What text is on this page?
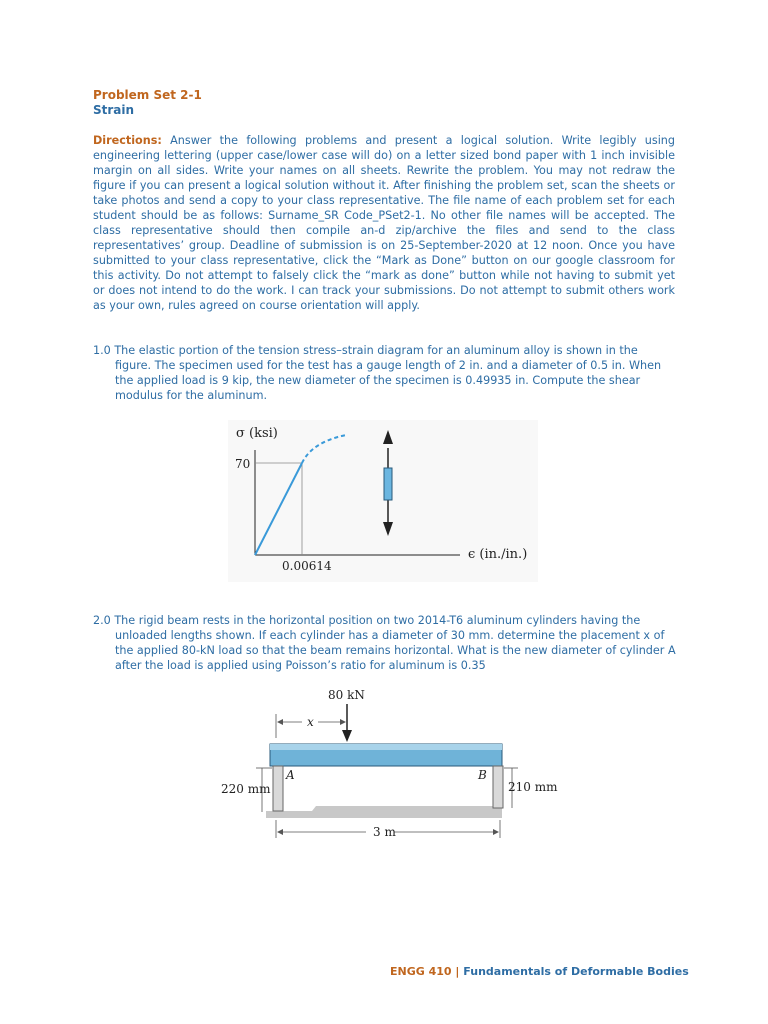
Problem Set 2-1
Strain

Directions: Answer the following problems and present a logical solution. Write legibly using engineering lettering (upper case/lower case will do) on a letter sized bond paper with 1 inch invisible margin on all sides. Write your names on all sheets. Rewrite the problem. You may not redraw the figure if you can present a logical solution without it. After finishing the problem set, scan the sheets or take photos and send a copy to your class representative. The file name of each problem set for each student should be as follows: Surname_SR Code_PSet2-1. No other file names will be accepted. The class representative should then compile an-d zip/archive the files and send to the class representatives’ group. Deadline of submission is on 25-September-2020 at 12 noon. Once you have submitted to your class representative, click the “Mark as Done” button on our google classroom for this activity. Do not attempt to falsely click the “mark as done” button while not having to submit yet or does not intend to do the work. I can track your submissions. Do not attempt to submit others work as your own, rules agreed on course orientation will apply.

1.0 The elastic portion of the tension stress–strain diagram for an aluminum alloy is shown in the figure. The specimen used for the test has a gauge length of 2 in. and a diameter of 0.5 in. When the applied load is 9 kip, the new diameter of the specimen is 0.49935 in. Compute the shear modulus for the aluminum.

σ (ksi)
70
0.00614
ϵ (in./in.)

2.0 The rigid beam rests in the horizontal position on two 2014-T6 aluminum cylinders having the unloaded lengths shown. If each cylinder has a diameter of 30 mm. determine the placement x of the applied 80-kN load so that the beam remains horizontal. What is the new diameter of cylinder A after the load is applied using Poisson’s ratio for aluminum is 0.35

80 kN
x
A	B
220 mm	210 mm
3 m
ENGG 410 | Fundamentals of Deformable Bodies
